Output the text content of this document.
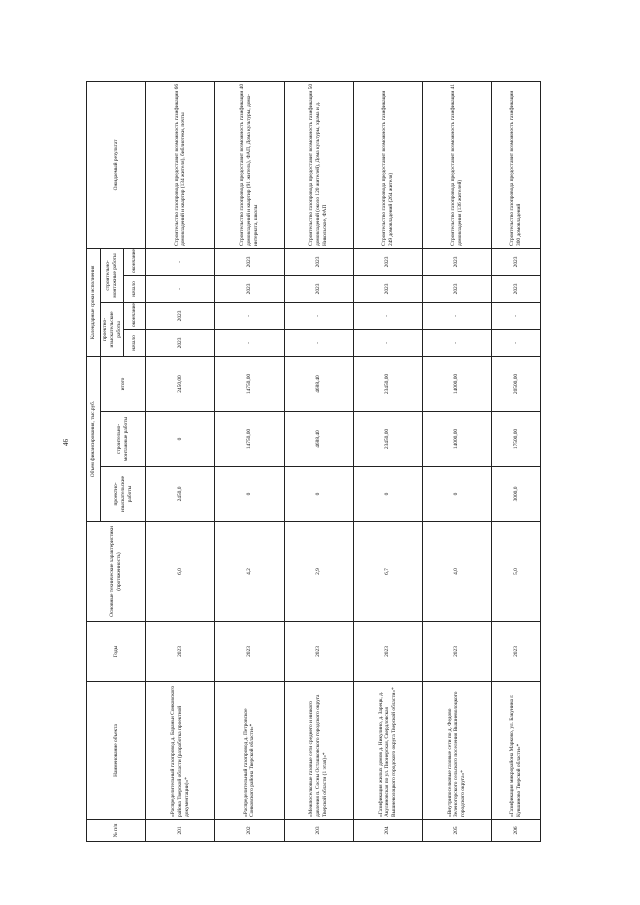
46
№ п/п	Наименование объекта	Годы	Основные технические характеристики (протяженность)	Объем финансирования, тыс.руб.			Календарные сроки исполнения				Ожидаемый результат
				проектно-изыскательские работы	строительно-монтажные работы	итого	проектно-изыскательские работы		строительно-монтажные работы		
							начало	окончание	начало	окончание	
201	«Распределительный газопровод д. Бараньи Сонковского района Тверской области (разработка проектной документации)»*	2023	6,0	2450,0	0	2450,00	2023	2023	-	-	Строительство газопровода предоставит возможность газификации 66 домовладений и квартир (134 жителя), библиотеки, почты
202	«Распределительный газопровод д. Петровское Сонковского района Тверской области»*	2023	4,2	0	14750,00	14750,00	-	-	2023	2023	Строительство газопровода предоставит возможность газификации 40 домовладений и квартир (91 житель), ФАП, Дома культуры, дома-интерната, школы
203	«Межпоселковые газовые сети среднего и низкого давления п. Сосны Осташковского городского округа Тверской области (1 этап)»*	2023	2,9	0	4688,40	4688,40	-	-	2023	2023	Строительство газопровода предоставит возможность газификации 50 домовладений (около 120 жителей), Дома культуры, храма и д. Никольское, ФАП
204	«Газификация жилых домов д. Никулино, д. Зарецк, д. Акулиновская по ул. Пионерская, Свердловская Вышневолоцкого городского округа Тверской области»*	2023	6,7	0	23450,00	23450,00	-	-	2023	2023	Строительство газопровода предоставит возможность газификации 249 домовладений (264 жителя)
205	«Внутрипоселковые газовые сети по д. Федово Зеленогорского сельского поселения Вышневолоцкого городского округа»*	2023	4,0	0	14000,00	14000,00	-	-	2023	2023	Строительство газопровода предоставит возможность газификации 41 домовладения (136 жителей)
206	«Газификация микрорайона Марково, ул. Бакунина г. Кувшиново Тверской области»*	2023	5,0	3000,0	17500,00	20500,00	-	-	2023	2023	Строительство газопровода предоставит возможность газификации 300 домовладений
